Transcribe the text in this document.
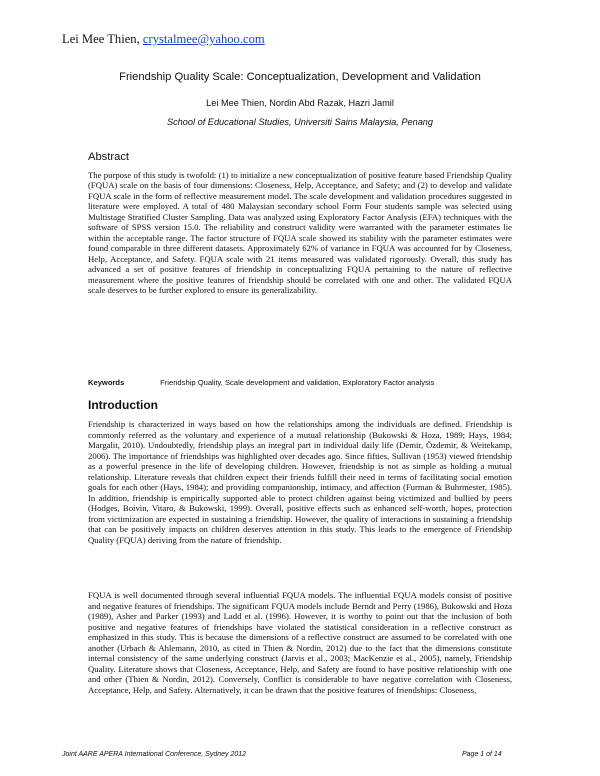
Lei Mee Thien, crystalmee@yahoo.com
Friendship Quality Scale: Conceptualization, Development and Validation
Lei Mee Thien, Nordin Abd Razak, Hazri Jamil
School of Educational Studies, Universiti Sains Malaysia, Penang
Abstract
The purpose of this study is twofold: (1) to initialize a new conceptualization of positive feature based Friendship Quality (FQUA) scale on the basis of four dimensions: Closeness, Help, Acceptance, and Safety; and (2) to develop and validate FQUA scale in the form of reflective measurement model. The scale development and validation procedures suggested in literature were employed. A total of 480 Malaysian secondary school Form Four students sample was selected using Multistage Stratified Cluster Sampling. Data was analyzed using Exploratory Factor Analysis (EFA) techniques with the software of SPSS version 15.0. The reliability and construct validity were warranted with the parameter estimates lie within the acceptable range. The factor structure of FQUA scale showed its stability with the parameter estimates were found comparable in three different datasets. Approximately 62% of variance in FQUA was accounted for by Closeness, Help, Acceptance, and Safety. FQUA scale with 21 items measured was validated rigorously. Overall, this study has advanced a set of positive features of friendship in conceptualizing FQUA pertaining to the nature of reflective measurement where the positive features of friendship should be correlated with one and other. The validated FQUA scale deserves to be further explored to ensure its generalizability.
Keywords	Friendship Quality, Scale development and validation, Exploratory Factor analysis
Introduction
Friendship is characterized in ways based on how the relationships among the individuals are defined. Friendship is commonly referred as the voluntary and experience of a mutual relationship (Bukowski & Hoza, 1989; Hays, 1984; Margalit, 2010). Undoubtedly, friendship plays an integral part in individual daily life (Demir, Özdemir, & Weitekamp, 2006). The importance of friendships was highlighted over decades ago. Since fifties, Sullivan (1953) viewed friendship as a powerful presence in the life of developing children. However, friendship is not as simple as holding a mutual relationship. Literature reveals that children expect their friends fulfill their need in terms of facilitating social emotion goals for each other (Hays, 1984); and providing companionship, intimacy, and affection (Furman & Buhrmester, 1985). In addition, friendship is empirically supported able to protect children against being victimized and bullied by peers (Hodges, Boivin, Vitaro, & Bukowski, 1999). Overall, positive effects such as enhanced self-worth, hopes, protection from victimization are expected in sustaining a friendship. However, the quality of interactions in sustaining a friendship that can be positively impacts on children deserves attention in this study. This leads to the emergence of Friendship Quality (FQUA) deriving from the nature of friendship.
FQUA is well documented through several influential FQUA models. The influential FQUA models consist of positive and negative features of friendships. The significant FQUA models include Berndt and Perry (1986), Bukowski and Hoza (1989), Asher and Parker (1993) and Ladd et al. (1996). However, it is worthy to point out that the inclusion of both positive and negative features of friendships have violated the statistical consideration in a reflective construct as emphasized in this study. This is because the dimensions of a reflective construct are assumed to be correlated with one another (Urbach & Ahlemann, 2010, as cited in Thien & Nordin, 2012) due to the fact that the dimensions constitute internal consistency of the same underlying construct (Jarvis et al., 2003; MacKenzie et al., 2005), namely, Friendship Quality. Literature shows that Closeness, Acceptance, Help, and Safety are found to have positive relationship with one and other (Thien & Nordin, 2012). Conversely, Conflict is considerable to have negative correlation with Closeness, Acceptance, Help, and Safety. Alternatively, it can be drawn that the positive features of friendships: Closeness,
Joint AARE APERA International Conference, Sydney 2012	Page 1 of 14
